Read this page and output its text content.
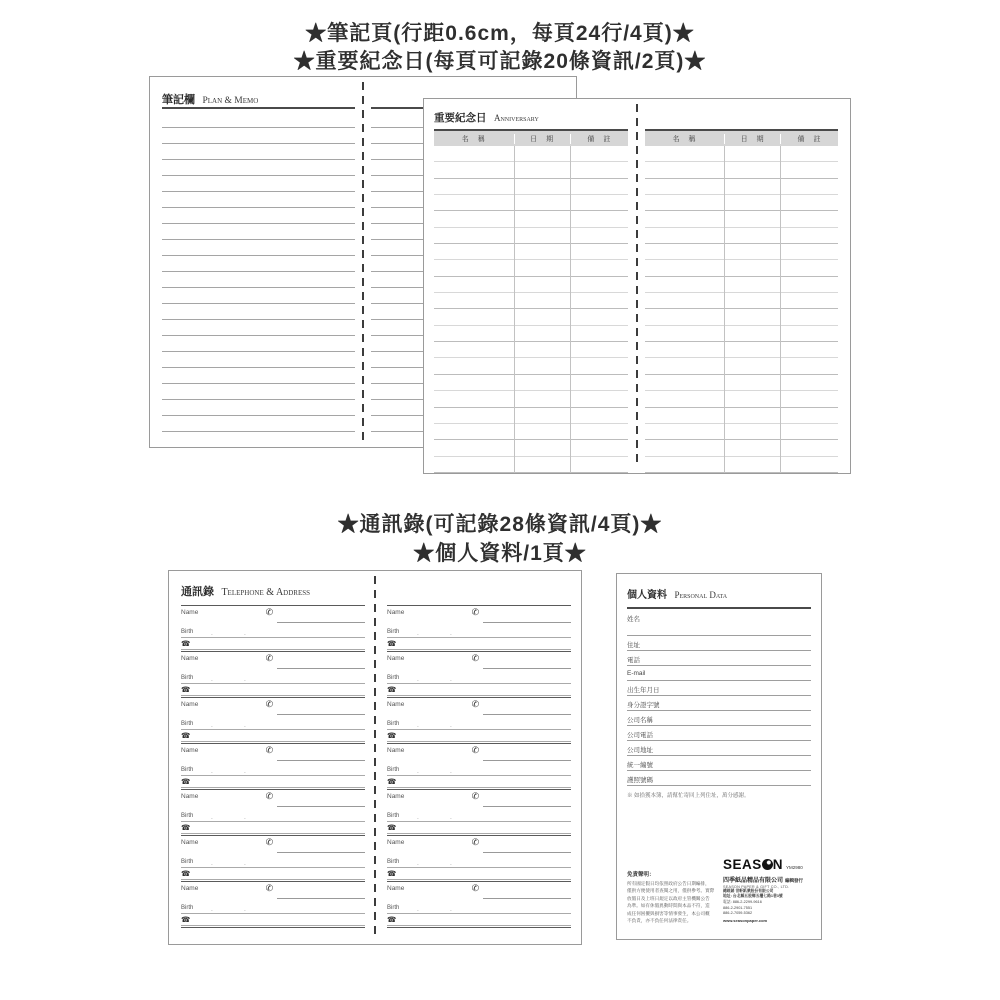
★筆記頁(行距0.6cm，每頁24行/4頁)★
★重要紀念日(每頁可記錄20條資訊/2頁)★
★通訊錄(可記錄28條資訊/4頁)★
★個人資料/1頁★
筆記欄 Plan & Memo
重要紀念日 Anniversary
名　稱	日　期	備　註	名　稱	日　期	備　註
通訊錄 Telephone & Address
Name	✆
Birth	．　．
☎
Name	✆
Birth	．　．
☎
Name	✆
Birth	．　．
☎
Name	✆
Birth	．　．
☎
Name	✆
Birth	．　．
☎
Name	✆
Birth	．　．
☎
Name	✆
Birth	．　．
☎
Name	✆
Birth	．　．
☎
Name	✆
Birth	．　．
☎
Name	✆
Birth	．　．
☎
Name	✆
Birth	．　．
☎
Name	✆
Birth	．　．
☎
Name	✆
Birth	．　．
☎
Name	✆
Birth	．　．
☎
個人資料 Personal Data
姓名
住址
電話
E-mail
出生年月日
身分證字號
公司名稱
公司電話
公司地址
統一編號
護照號碼
※ 如拾獲本簿，請幫忙寄回上列住址，萬分感謝。
免責聲明：
所有國定假日均依照政府公告日期編排，
僅供方便使用者查閱之用，僅供參考。實際
放假日及上班日規定以政府主管機關公告
為準。如有休假異動時間與本品不符，造
成任何困擾與損害等情事發生，本公司概
不負責，亦不負任何法律責任。
SEAS N YM2980
四季紙品精品有限公司 編輯發行
SEASON PAPER & GIFT CO., LTD.
總經銷 世軒紙業股份有限公司
地址: 台北縣五股鄉五權七路1巷3號
電話: 886-2-2299-9616
886-2-2901-7551
886-2-7059-5362
www.seasonpaper.com
